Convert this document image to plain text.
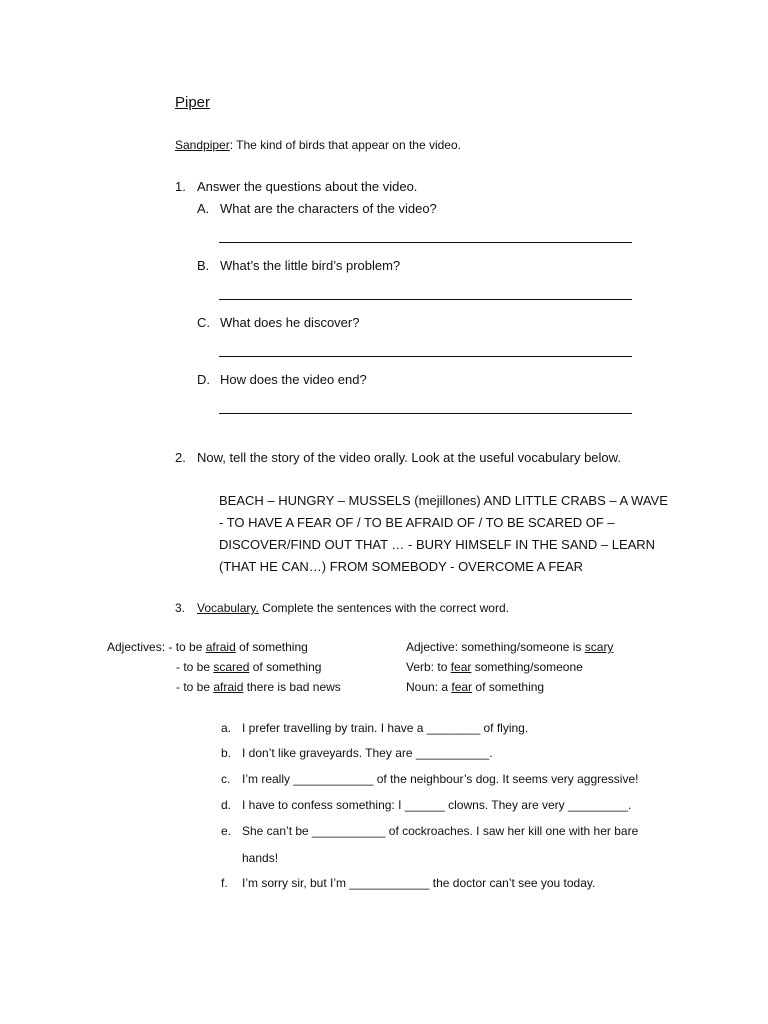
Piper
Sandpiper: The kind of birds that appear on the video.
1. Answer the questions about the video.
A. What are the characters of the video?
B. What’s the little bird’s problem?
C. What does he discover?
D. How does the video end?
2. Now, tell the story of the video orally. Look at the useful vocabulary below.
BEACH – HUNGRY – MUSSELS (mejillones) AND LITTLE CRABS – A WAVE
- TO HAVE A FEAR OF / TO BE AFRAID OF / TO BE SCARED OF –
DISCOVER/FIND OUT THAT … - BURY HIMSELF IN THE SAND – LEARN
(THAT HE CAN…) FROM SOMEBODY - OVERCOME A FEAR
3. Vocabulary. Complete the sentences with the correct word.
Adjectives: - to be afraid of something
- to be scared of something
- to be afraid there is bad news
Adjective: something/someone is scary
Verb: to fear something/someone
Noun: a fear of something
a. I prefer travelling by train. I have a ________ of flying.
b. I don’t like graveyards. They are ___________.
c. I’m really ____________ of the neighbour’s dog. It seems very aggressive!
d. I have to confess something: I ______ clowns. They are very _________.
e. She can’t be ___________ of cockroaches. I saw her kill one with her bare
hands!
f. I’m sorry sir, but I’m ____________ the doctor can’t see you today.
